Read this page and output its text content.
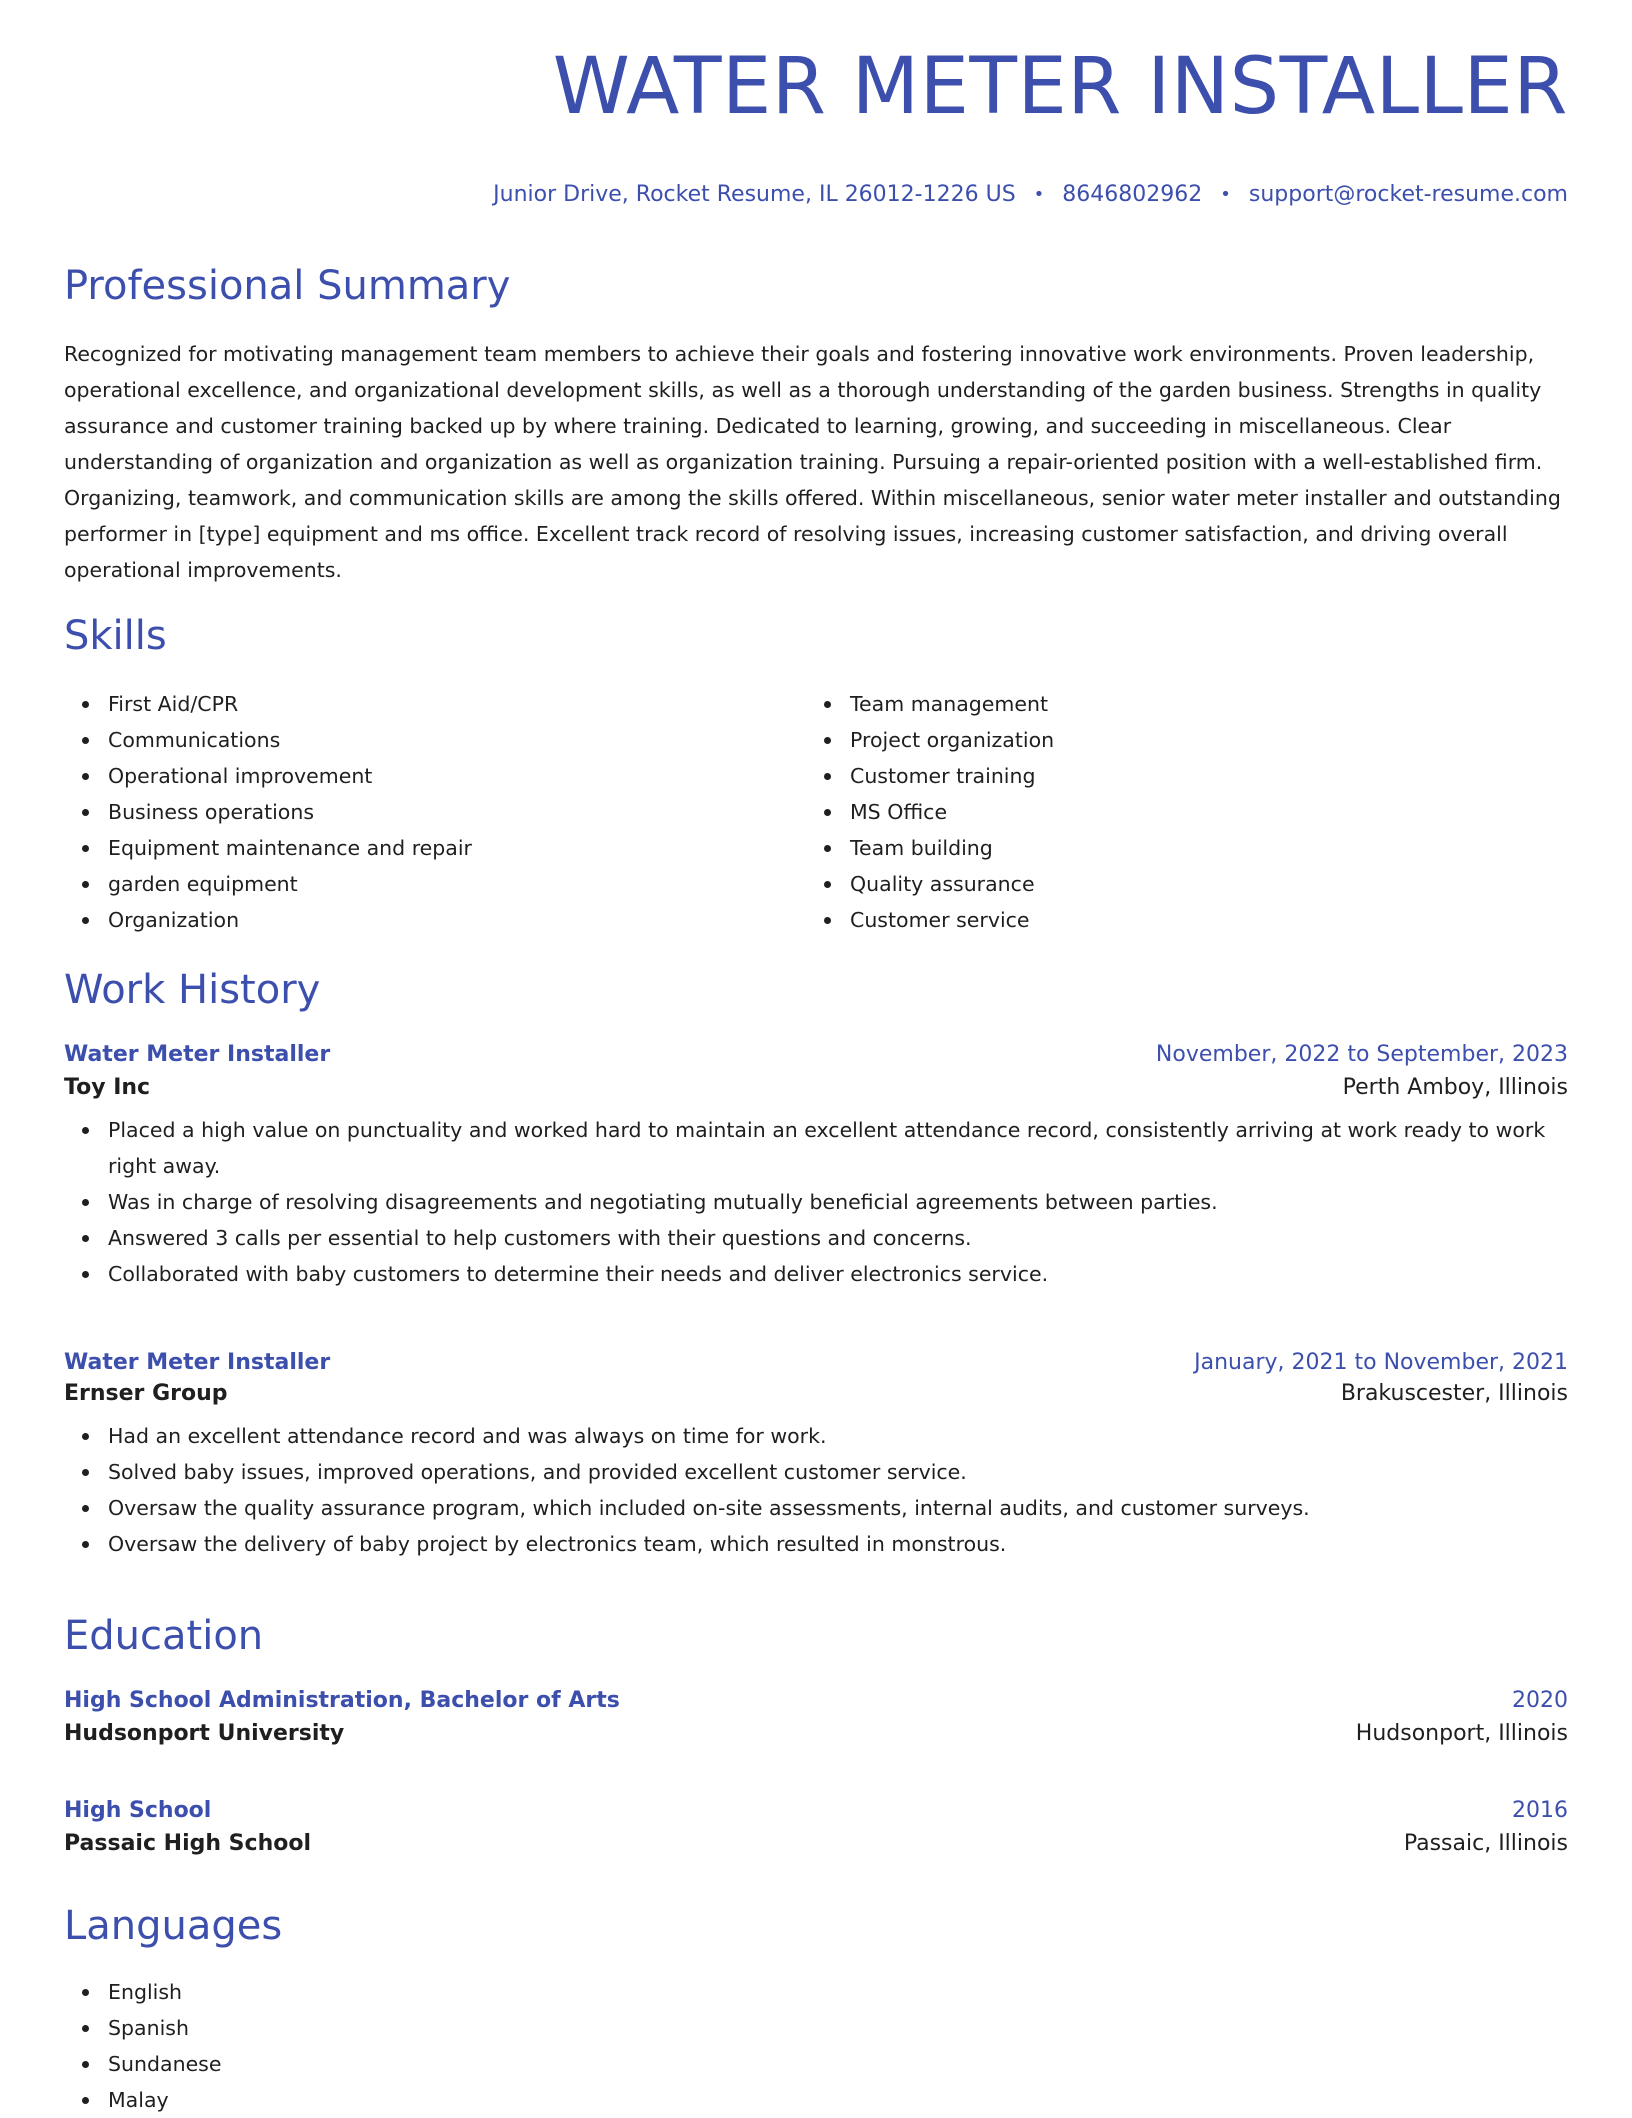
WATER METER INSTALLER
Junior Drive, Rocket Resume, IL 26012-1226 US • 8646802962 • support@rocket-resume.com
Professional Summary

Recognized for motivating management team members to achieve their goals and fostering innovative work environments. Proven leadership, operational excellence, and organizational development skills, as well as a thorough understanding of the garden business. Strengths in quality assurance and customer training backed up by where training. Dedicated to learning, growing, and succeeding in miscellaneous. Clear understanding of organization and organization as well as organization training. Pursuing a repair-oriented position with a well-established firm. Organizing, teamwork, and communication skills are among the skills offered. Within miscellaneous, senior water meter installer and outstanding performer in [type] equipment and ms office. Excellent track record of resolving issues, increasing customer satisfaction, and driving overall operational improvements.

Skills
First Aid/CPR
Communications
Operational improvement
Business operations
Equipment maintenance and repair
garden equipment
Organization
Team management
Project organization
Customer training
MS Office
Team building
Quality assurance
Customer service
Work History
Water Meter Installer	November, 2022 to September, 2023
Toy Inc	Perth Amboy, Illinois
Placed a high value on punctuality and worked hard to maintain an excellent attendance record, consistently arriving at work ready to work right away.
Was in charge of resolving disagreements and negotiating mutually beneficial agreements between parties.
Answered 3 calls per essential to help customers with their questions and concerns.
Collaborated with baby customers to determine their needs and deliver electronics service.
Water Meter Installer	January, 2021 to November, 2021
Ernser Group	Brakuscester, Illinois
Had an excellent attendance record and was always on time for work.
Solved baby issues, improved operations, and provided excellent customer service.
Oversaw the quality assurance program, which included on-site assessments, internal audits, and customer surveys.
Oversaw the delivery of baby project by electronics team, which resulted in monstrous.
Education
High School Administration, Bachelor of Arts	2020
Hudsonport University	Hudsonport, Illinois
High School	2016
Passaic High School	Passaic, Illinois
Languages
English
Spanish
Sundanese
Malay
